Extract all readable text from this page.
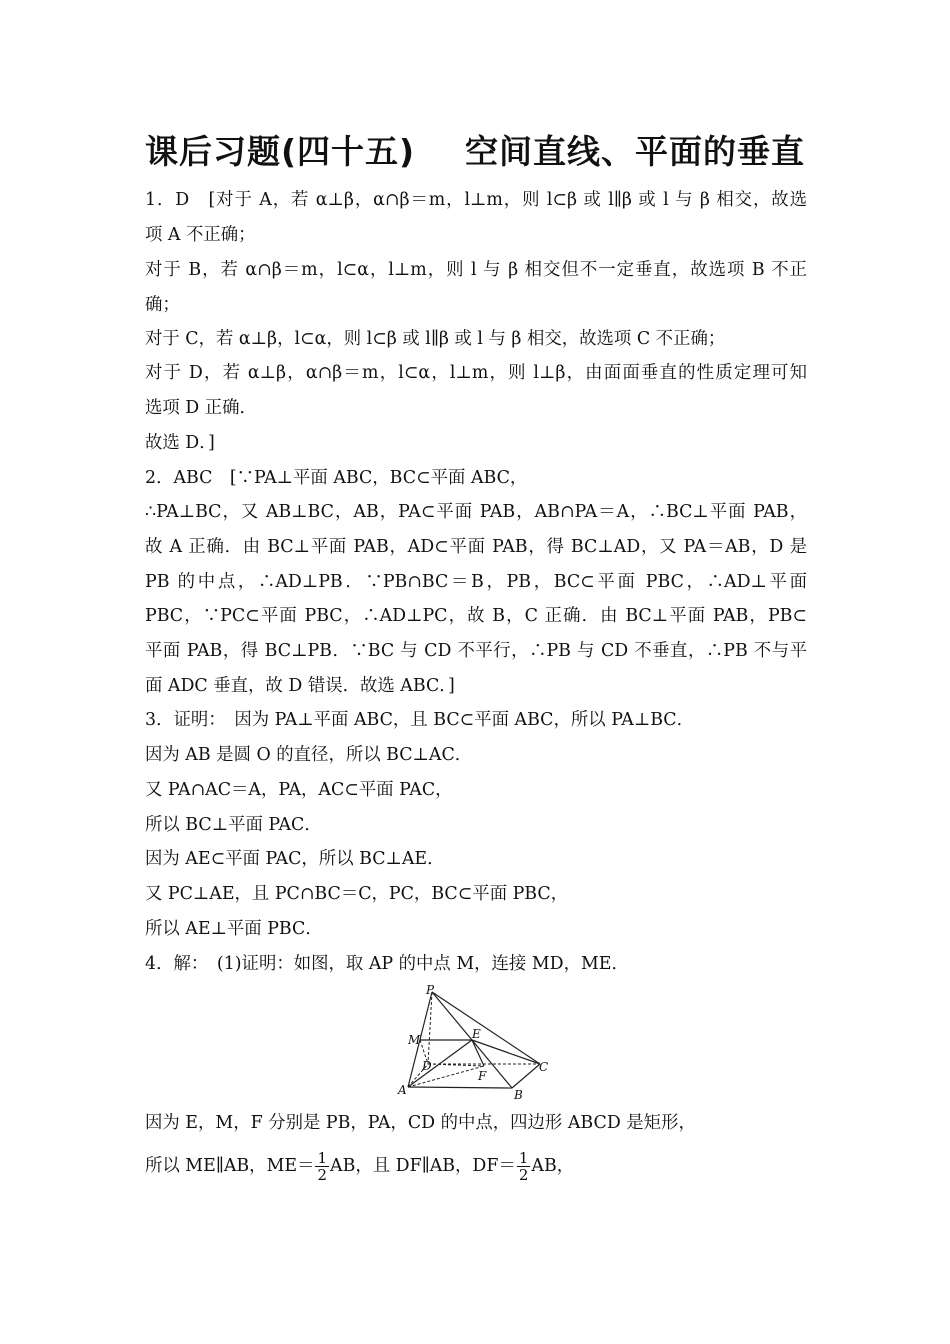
课后习题(四十五)    空间直线、平面的垂直
1．D　[对于 A，若 α⊥β，α∩β＝m，l⊥m，则 l⊂β 或 l∥β 或 l 与 β 相交，故选
项 A 不正确；
对于 B，若 α∩β＝m，l⊂α，l⊥m，则 l 与 β 相交但不一定垂直，故选项 B 不正
确；
对于 C，若 α⊥β，l⊂α，则 l⊂β 或 l∥β 或 l 与 β 相交，故选项 C 不正确；
对于 D，若 α⊥β，α∩β＝m，l⊂α，l⊥m，则 l⊥β，由面面垂直的性质定理可知
选项 D 正确．
故选 D．]
2．ABC　[∵PA⊥平面 ABC，BC⊂平面 ABC，
∴PA⊥BC，又 AB⊥BC，AB，PA⊂平面 PAB，AB∩PA＝A，∴BC⊥平面 PAB，
故 A 正确．由 BC⊥平面 PAB，AD⊂平面 PAB，得 BC⊥AD，又 PA＝AB，D 是
PB 的中点，∴AD⊥PB．∵PB∩BC＝B，PB，BC⊂平面 PBC，∴AD⊥平面
PBC，∵PC⊂平面 PBC，∴AD⊥PC，故 B，C 正确．由 BC⊥平面 PAB，PB⊂
平面 PAB，得 BC⊥PB．∵BC 与 CD 不平行，∴PB 与 CD 不垂直，∴PB 不与平
面 ADC 垂直，故 D 错误．故选 ABC．]
3．证明：　因为 PA⊥平面 ABC，且 BC⊂平面 ABC，所以 PA⊥BC．
因为 AB 是圆 O 的直径，所以 BC⊥AC．
又 PA∩AC＝A，PA，AC⊂平面 PAC，
所以 BC⊥平面 PAC．
因为 AE⊂平面 PAC，所以 BC⊥AE．
又 PC⊥AE，且 PC∩BC＝C，PC，BC⊂平面 PBC，
所以 AE⊥平面 PBC．
4．解：　(1)证明：如图，取 AP 的中点 M，连接 MD，ME．
P
M	E
D
F
C
A	B
因为 E，M，F 分别是 PB，PA，CD 的中点，四边形 ABCD 是矩形，
所以 ME∥AB，$ME= \frac{1}{2}$ AB，且 DF∥AB，$DF= \frac{1}{2}$ AB，
